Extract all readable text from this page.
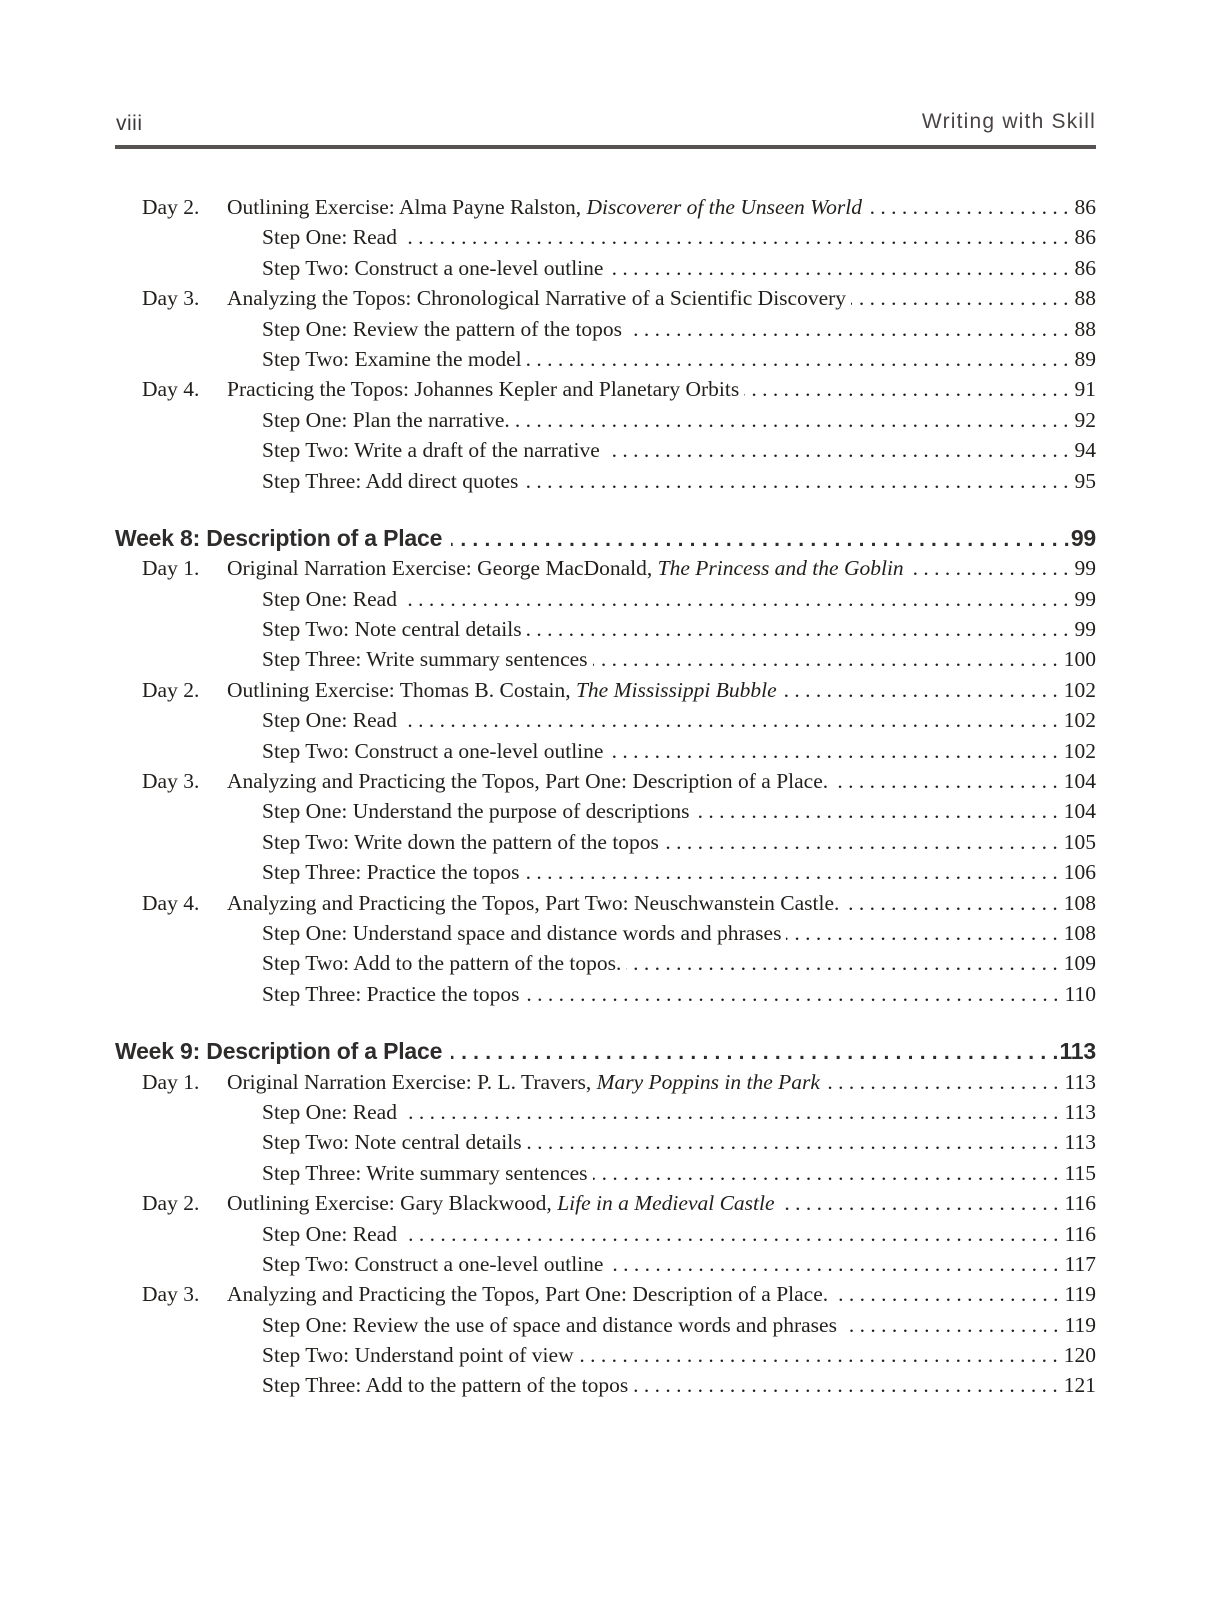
viii	Writing with Skill
Day 2.	Outlining Exercise: Alma Payne Ralston, Discoverer of the Unseen World . . .	86
Step One: Read . . .	86
Step Two: Construct a one-level outline . . .	86
Day 3.	Analyzing the Topos: Chronological Narrative of a Scientific Discovery . . .	88
Step One: Review the pattern of the topos . . .	88
Step Two: Examine the model . . .	89
Day 4.	Practicing the Topos: Johannes Kepler and Planetary Orbits . . .	91
Step One: Plan the narrative. . . .	92
Step Two: Write a draft of the narrative . . .	94
Step Three: Add direct quotes . . .	95
Week 8: Description of a Place . . .	99
Day 1.	Original Narration Exercise: George MacDonald, The Princess and the Goblin . . .	99
Step One: Read . . .	99
Step Two: Note central details . . .	99
Step Three: Write summary sentences . . .	100
Day 2.	Outlining Exercise: Thomas B. Costain, The Mississippi Bubble . . .	102
Step One: Read . . .	102
Step Two: Construct a one-level outline . . .	102
Day 3.	Analyzing and Practicing the Topos, Part One: Description of a Place. . . .	104
Step One: Understand the purpose of descriptions . . .	104
Step Two: Write down the pattern of the topos . . .	105
Step Three: Practice the topos . . .	106
Day 4.	Analyzing and Practicing the Topos, Part Two: Neuschwanstein Castle. . . .	108
Step One: Understand space and distance words and phrases . . .	108
Step Two: Add to the pattern of the topos. . . .	109
Step Three: Practice the topos . . .	110
Week 9: Description of a Place . . .	113
Day 1.	Original Narration Exercise: P. L. Travers, Mary Poppins in the Park . . .	113
Step One: Read . . .	113
Step Two: Note central details . . .	113
Step Three: Write summary sentences . . .	115
Day 2.	Outlining Exercise: Gary Blackwood, Life in a Medieval Castle . . .	116
Step One: Read . . .	116
Step Two: Construct a one-level outline . . .	117
Day 3.	Analyzing and Practicing the Topos, Part One: Description of a Place. . . .	119
Step One: Review the use of space and distance words and phrases . . .	119
Step Two: Understand point of view . . .	120
Step Three: Add to the pattern of the topos . . .	121
